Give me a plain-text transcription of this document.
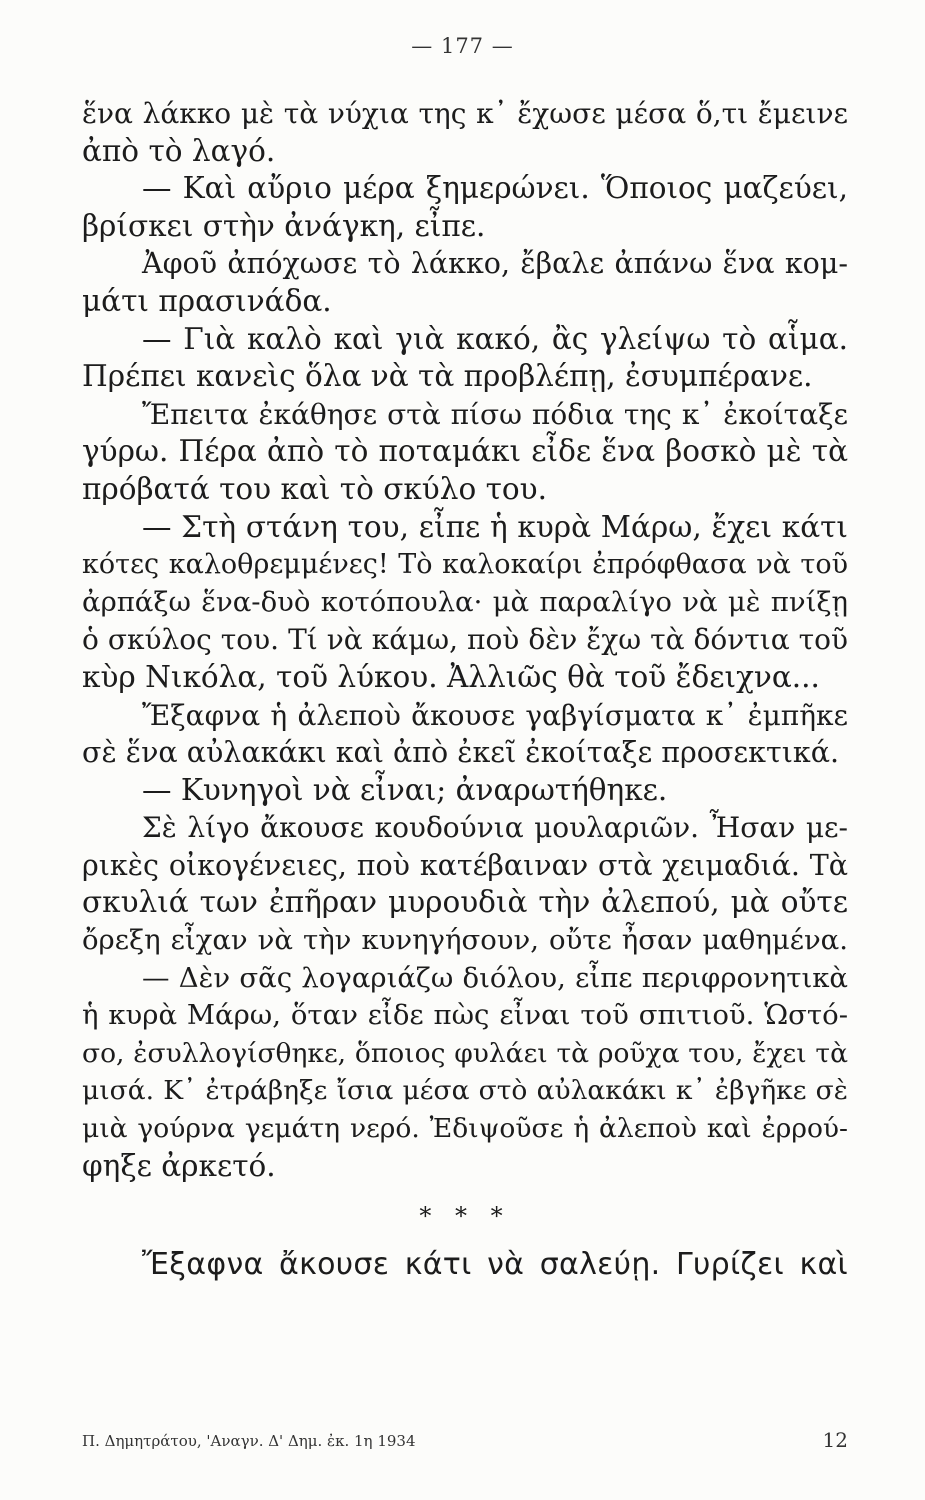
— 177 —
ἕνα λάκκο μὲ τὰ νύχια της κ᾽ ἔχωσε μέσα ὅ,τι ἔμεινε
ἀπὸ τὸ λαγό.
— Καὶ αὔριο μέρα ξημερώνει. Ὅποιος μαζεύει,
βρίσκει στὴν ἀνάγκη, εἶπε.
Ἀφοῦ ἀπόχωσε τὸ λάκκο, ἔβαλε ἀπάνω ἕνα κομ-
μάτι πρασινάδα.
— Γιὰ καλὸ καὶ γιὰ κακό, ἂς γλείψω τὸ αἷμα.
Πρέπει κανεὶς ὅλα νὰ τὰ προβλέπῃ, ἐσυμπέρανε.
Ἔπειτα ἐκάθησε στὰ πίσω πόδια της κ᾽ ἐκοίταξε
γύρω. Πέρα ἀπὸ τὸ ποταμάκι εἶδε ἕνα βοσκὸ μὲ τὰ
πρόβατά του καὶ τὸ σκύλο του.
— Στὴ στάνη του, εἶπε ἡ κυρὰ Μάρω, ἔχει κάτι
κότες καλοθρεμμένες! Τὸ καλοκαίρι ἐπρόφθασα νὰ τοῦ
ἀρπάξω ἕνα-δυὸ κοτόπουλα· μὰ παραλίγο νὰ μὲ πνίξῃ
ὁ σκύλος του. Τί νὰ κάμω, ποὺ δὲν ἔχω τὰ δόντια τοῦ
κὺρ Νικόλα, τοῦ λύκου. Ἀλλιῶς θὰ τοῦ ἔδειχνα...
Ἔξαφνα ἡ ἀλεποὺ ἄκουσε γαβγίσματα κ᾽ ἐμπῆκε
σὲ ἕνα αὐλακάκι καὶ ἀπὸ ἐκεῖ ἐκοίταξε προσεκτικά.
— Κυνηγοὶ νὰ εἶναι; ἀναρωτήθηκε.
Σὲ λίγο ἄκουσε κουδούνια μουλαριῶν. Ἦσαν με-
ρικὲς οἰκογένειες, ποὺ κατέβαιναν στὰ χειμαδιά. Τὰ
σκυλιά των ἐπῆραν μυρουδιὰ τὴν ἀλεπού, μὰ οὔτε
ὄρεξη εἶχαν νὰ τὴν κυνηγήσουν, οὔτε ἦσαν μαθημένα.
— Δὲν σᾶς λογαριάζω διόλου, εἶπε περιφρονητικὰ
ἡ κυρὰ Μάρω, ὅταν εἶδε πὼς εἶναι τοῦ σπιτιοῦ. Ὡστό-
σο, ἐσυλλογίσθηκε, ὅποιος φυλάει τὰ ροῦχα του, ἔχει τὰ
μισά. Κ᾽ ἐτράβηξε ἴσια μέσα στὸ αὐλακάκι κ᾽ ἐβγῆκε σὲ
μιὰ γούρνα γεμάτη νερό. Ἐδιψοῦσε ἡ ἀλεποὺ καὶ ἐρρού-
φηξε ἀρκετό.
* * *
Ἔξαφνα ἄκουσε κάτι νὰ σαλεύῃ. Γυρίζει καὶ
Π. Δημητράτου, 'Αναγν. Δ' Δημ. ἐκ. 1η 1934	12
